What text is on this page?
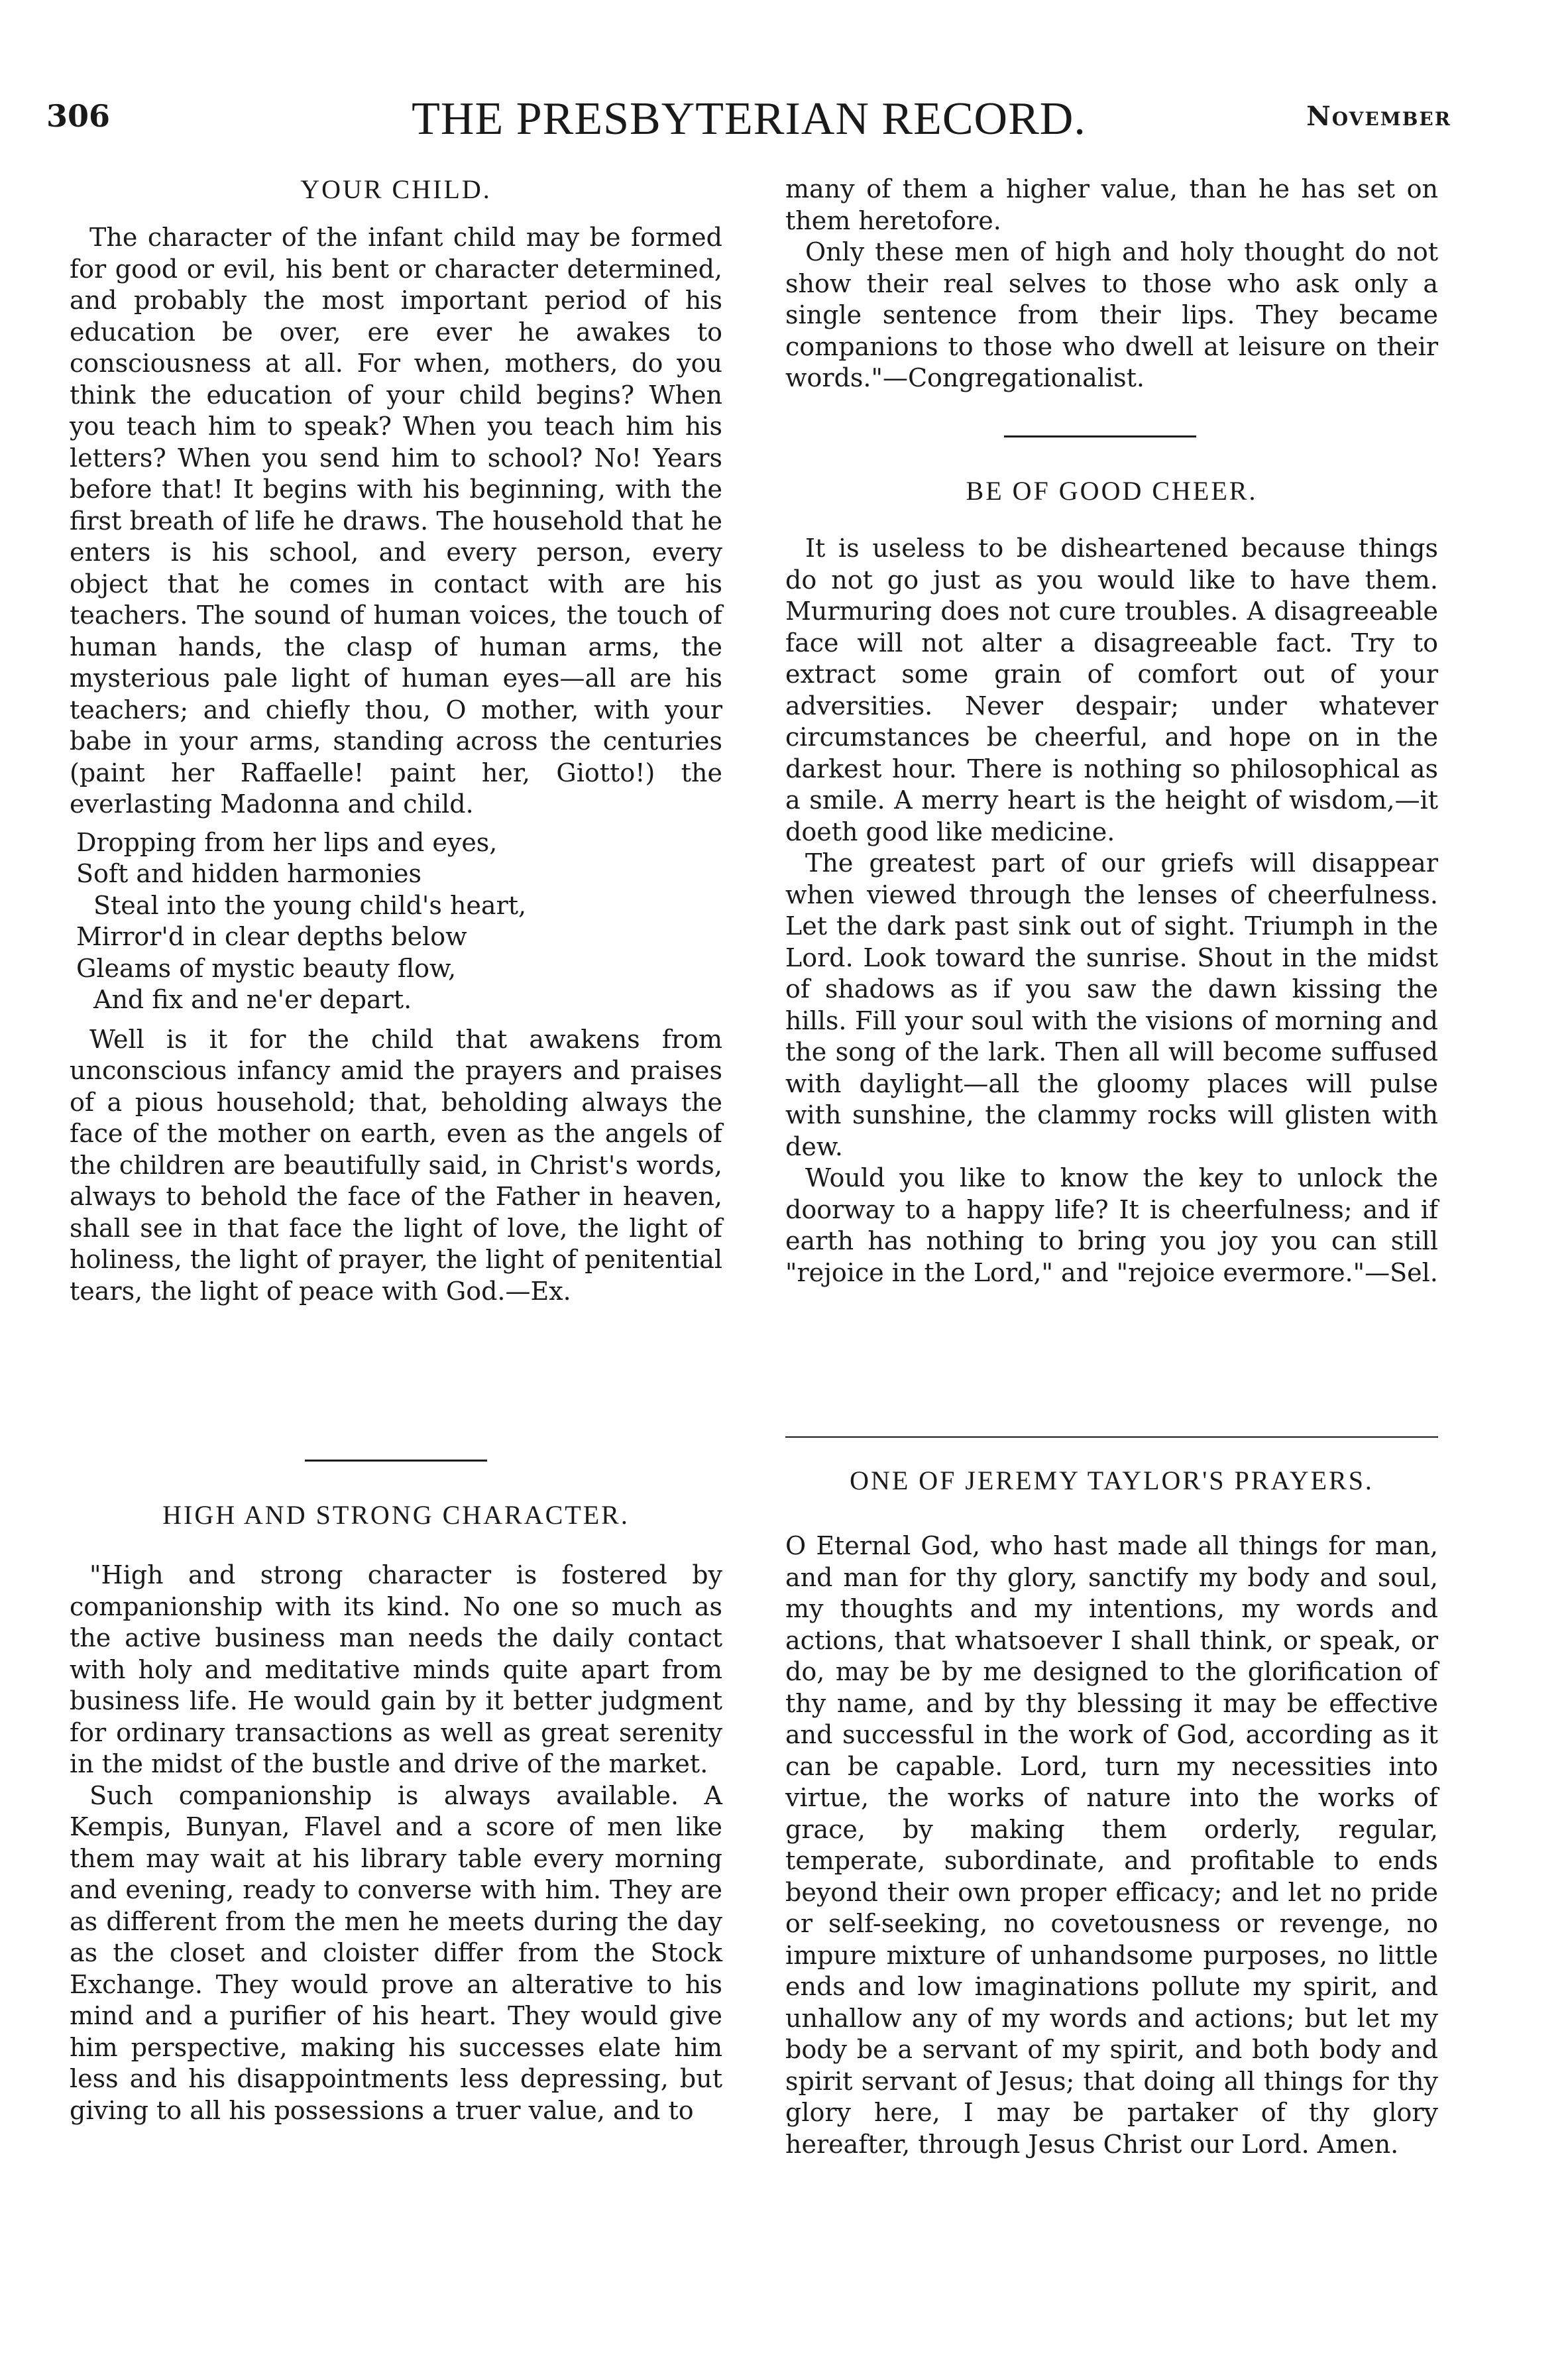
306	THE PRESBYTERIAN RECORD.	November
YOUR CHILD.

The character of the infant child may be formed for good or evil, his bent or character determined, and probably the most important period of his education be over, ere ever he awakes to consciousness at all. For when, mothers, do you think the education of your child begins? When you teach him to speak? When you teach him his letters? When you send him to school? No! Years before that! It begins with his beginning, with the first breath of life he draws. The household that he enters is his school, and every person, every object that he comes in contact with are his teachers. The sound of human voices, the touch of human hands, the clasp of human arms, the mysterious pale light of human eyes—all are his teachers; and chiefly thou, O mother, with your babe in your arms, standing across the centuries (paint her Raffaelle! paint her, Giotto!) the everlasting Madonna and child.

Dropping from her lips and eyes,
Soft and hidden harmonies
Steal into the young child's heart,
Mirror'd in clear depths below
Gleams of mystic beauty flow,
And fix and ne'er depart.

Well is it for the child that awakens from unconscious infancy amid the prayers and praises of a pious household; that, beholding always the face of the mother on earth, even as the angels of the children are beautifully said, in Christ's words, always to behold the face of the Father in heaven, shall see in that face the light of love, the light of holiness, the light of prayer, the light of penitential tears, the light of peace with God.—Ex.

HIGH AND STRONG CHARACTER.

"High and strong character is fostered by companionship with its kind. No one so much as the active business man needs the daily contact with holy and meditative minds quite apart from business life. He would gain by it better judgment for ordinary transactions as well as great serenity in the midst of the bustle and drive of the market.

Such companionship is always available. A Kempis, Bunyan, Flavel and a score of men like them may wait at his library table every morning and evening, ready to converse with him. They are as different from the men he meets during the day as the closet and cloister differ from the Stock Exchange. They would prove an alterative to his mind and a purifier of his heart. They would give him perspective, making his successes elate him less and his disappointments less depressing, but giving to all his possessions a truer value, and to

many of them a higher value, than he has set on them heretofore.

Only these men of high and holy thought do not show their real selves to those who ask only a single sentence from their lips. They became companions to those who dwell at leisure on their words."—Congregationalist.

BE OF GOOD CHEER.

It is useless to be disheartened because things do not go just as you would like to have them. Murmuring does not cure troubles. A disagreeable face will not alter a disagreeable fact. Try to extract some grain of comfort out of your adversities. Never despair; under whatever circumstances be cheerful, and hope on in the darkest hour. There is nothing so philosophical as a smile. A merry heart is the height of wisdom,—it doeth good like medicine.

The greatest part of our griefs will disappear when viewed through the lenses of cheerfulness. Let the dark past sink out of sight. Triumph in the Lord. Look toward the sunrise. Shout in the midst of shadows as if you saw the dawn kissing the hills. Fill your soul with the visions of morning and the song of the lark. Then all will become suffused with daylight—all the gloomy places will pulse with sunshine, the clammy rocks will glisten with dew.

Would you like to know the key to unlock the doorway to a happy life? It is cheerfulness; and if earth has nothing to bring you joy you can still "rejoice in the Lord," and "rejoice evermore."—Sel.

ONE OF JEREMY TAYLOR'S PRAYERS.

O Eternal God, who hast made all things for man, and man for thy glory, sanctify my body and soul, my thoughts and my intentions, my words and actions, that whatsoever I shall think, or speak, or do, may be by me designed to the glorification of thy name, and by thy blessing it may be effective and successful in the work of God, according as it can be capable. Lord, turn my necessities into virtue, the works of nature into the works of grace, by making them orderly, regular, temperate, subordinate, and profitable to ends beyond their own proper efficacy; and let no pride or self-seeking, no covetousness or revenge, no impure mixture of unhandsome purposes, no little ends and low imaginations pollute my spirit, and unhallow any of my words and actions; but let my body be a servant of my spirit, and both body and spirit servant of Jesus; that doing all things for thy glory here, I may be partaker of thy glory hereafter, through Jesus Christ our Lord. Amen.
